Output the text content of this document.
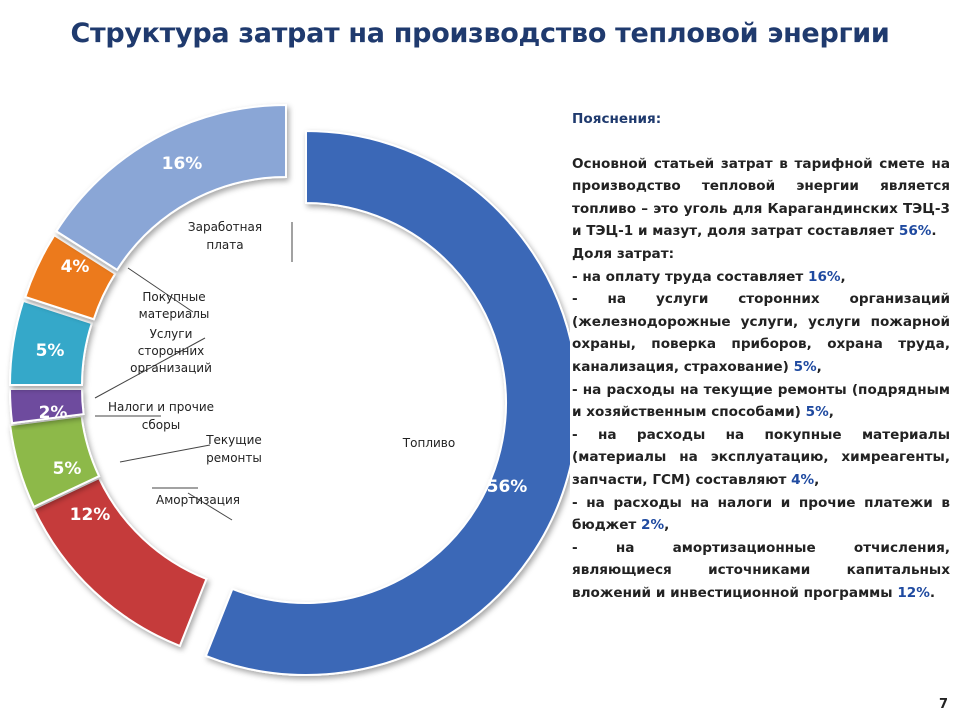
Структура затрат на производство тепловой энергии
56%
12%
5%
2%
5%
4%
16%
Топливо
Амортизация
Текущие
ремонты
Налоги и прочие
сборы
Услуги
сторонних
организаций
Покупные
материалы
Заработная
плата
Пояснения:
Основной статьей затрат в тарифной смете на производство тепловой энергии является топливо – это уголь для Карагандинских ТЭЦ-3 и ТЭЦ-1 и мазут, доля затрат составляет 56%.
Доля затрат:
- на оплату труда составляет 16%,
- на услуги сторонних организаций (железнодорожные услуги, услуги пожарной охраны, поверка приборов, охрана труда, канализация, страхование) 5%,
- на расходы на текущие ремонты (подрядным и хозяйственным способами) 5%,
- на расходы на покупные материалы (материалы на эксплуатацию, химреагенты, запчасти, ГСМ) составляют 4%,
- на расходы на налоги и прочие платежи в бюджет 2%,
- на амортизационные отчисления, являющиеся источниками капитальных вложений и инвестиционной программы 12%.
7
